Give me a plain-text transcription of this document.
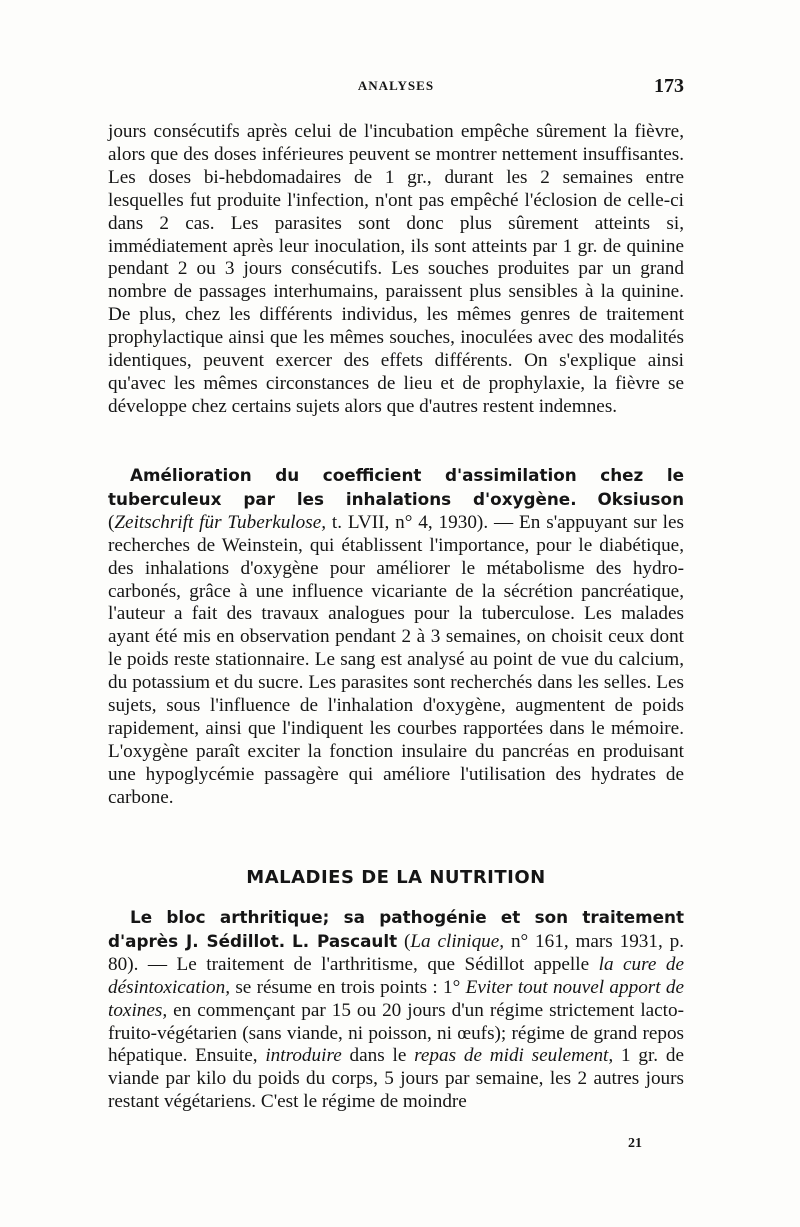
ANALYSES	173

jours consécutifs après celui de l'incubation empêche sûrement la fièvre, alors que des doses inférieures peuvent se montrer nettement insuffisantes. Les doses bi-hebdomadaires de 1 gr., durant les 2 semaines entre lesquelles fut produite l'infection, n'ont pas empêché l'éclosion de celle-ci dans 2 cas. Les parasites sont donc plus sûrement atteints si, immédiatement après leur inoculation, ils sont atteints par 1 gr. de quinine pendant 2 ou 3 jours consécutifs. Les souches produites par un grand nombre de passages interhumains, paraissent plus sensibles à la quinine. De plus, chez les différents individus, les mêmes genres de traitement prophylactique ainsi que les mêmes souches, inoculées avec des modalités identiques, peuvent exercer des effets différents. On s'explique ainsi qu'avec les mêmes circonstances de lieu et de prophylaxie, la fièvre se développe chez certains sujets alors que d'autres restent indemnes.

Amélioration du coefficient d'assimilation chez le tuberculeux par les inhalations d'oxygène. Oksiuson (Zeitschrift für Tuberkulose, t. LVII, n° 4, 1930). — En s'appuyant sur les recherches de Weinstein, qui établissent l'importance, pour le diabétique, des inhalations d'oxygène pour améliorer le métabolisme des hydro-carbonés, grâce à une influence vicariante de la sécrétion pancréatique, l'auteur a fait des travaux analogues pour la tuberculose. Les malades ayant été mis en observation pendant 2 à 3 semaines, on choisit ceux dont le poids reste stationnaire. Le sang est analysé au point de vue du calcium, du potassium et du sucre. Les parasites sont recherchés dans les selles. Les sujets, sous l'influence de l'inhalation d'oxygène, augmentent de poids rapidement, ainsi que l'indiquent les courbes rapportées dans le mémoire. L'oxygène paraît exciter la fonction insulaire du pancréas en produisant une hypoglycémie passagère qui améliore l'utilisation des hydrates de carbone.

MALADIES DE LA NUTRITION

Le bloc arthritique; sa pathogénie et son traitement d'après J. Sédillot. L. Pascault (La clinique, n° 161, mars 1931, p. 80). — Le traitement de l'arthritisme, que Sédillot appelle la cure de désintoxication, se résume en trois points : 1° Eviter tout nouvel apport de toxines, en commençant par 15 ou 20 jours d'un régime strictement lacto-fruito-végétarien (sans viande, ni poisson, ni œufs); régime de grand repos hépatique. Ensuite, introduire dans le repas de midi seulement, 1 gr. de viande par kilo du poids du corps, 5 jours par semaine, les 2 autres jours restant végétariens. C'est le régime de moindre

21
